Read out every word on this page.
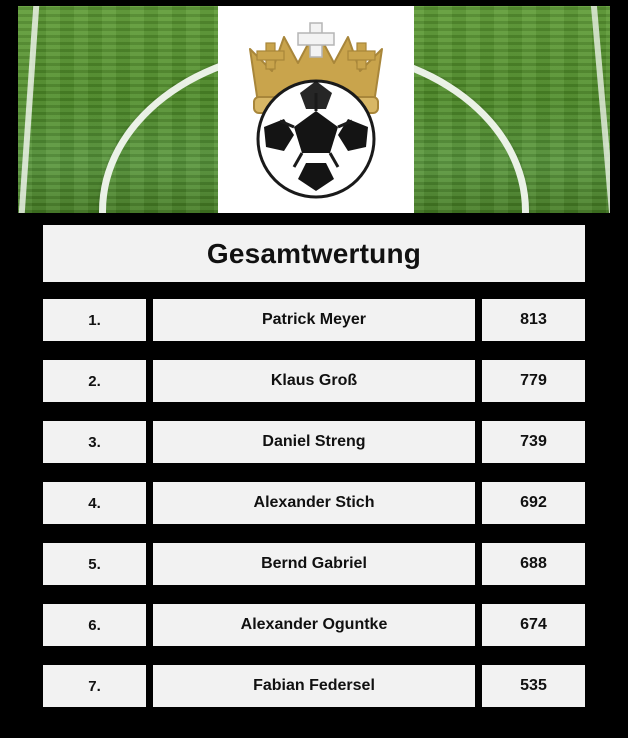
Gesamtwertung
1.	Patrick Meyer	813
2.	Klaus Groß	779
3.	Daniel Streng	739
4.	Alexander Stich	692
5.	Bernd Gabriel	688
6.	Alexander Oguntke	674
7.	Fabian Federsel	535
